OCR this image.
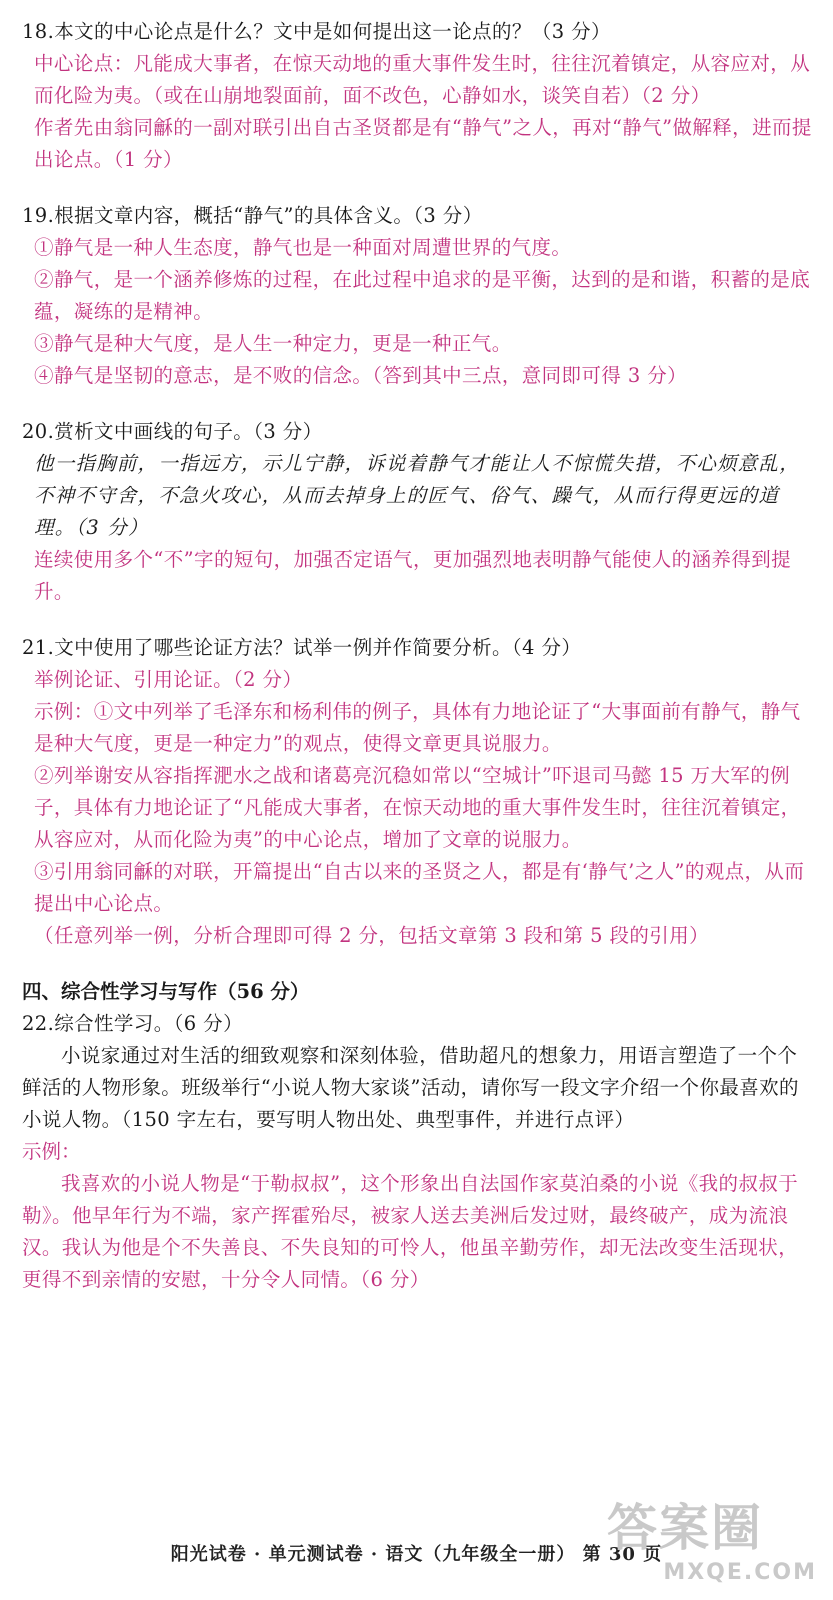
18.本文的中心论点是什么？文中是如何提出这一论点的？（3 分）

中心论点：凡能成大事者，在惊天动地的重大事件发生时，往往沉着镇定，从容应对，从而化险为夷。（或在山崩地裂面前，面不改色，心静如水，谈笑自若）（2 分）

作者先由翁同龢的一副对联引出自古圣贤都是有“静气”之人，再对“静气”做解释，进而提出论点。（1 分）

19.根据文章内容，概括“静气”的具体含义。（3 分）

①静气是一种人生态度，静气也是一种面对周遭世界的气度。

②静气，是一个涵养修炼的过程，在此过程中追求的是平衡，达到的是和谐，积蓄的是底蕴，凝练的是精神。

③静气是种大气度，是人生一种定力，更是一种正气。

④静气是坚韧的意志，是不败的信念。（答到其中三点，意同即可得 3 分）

20.赏析文中画线的句子。（3 分）
他一指胸前，一指远方，示儿宁静，诉说着静气才能让人不惊慌失措，不心烦意乱，不神不守舍，不急火攻心，从而去掉身上的匠气、俗气、躁气，从而行得更远的道理。（3 分）
连续使用多个“不”字的短句，加强否定语气，更加强烈地表明静气能使人的涵养得到提升。
21.文中使用了哪些论证方法？试举一例并作简要分析。（4 分）

举例论证、引用论证。（2 分）

示例：①文中列举了毛泽东和杨利伟的例子，具体有力地论证了“大事面前有静气，静气是种大气度，更是一种定力”的观点，使得文章更具说服力。

②列举谢安从容指挥淝水之战和诸葛亮沉稳如常以“空城计”吓退司马懿 15 万大军的例子，具体有力地论证了“凡能成大事者，在惊天动地的重大事件发生时，往往沉着镇定，从容应对，从而化险为夷”的中心论点，增加了文章的说服力。

③引用翁同龢的对联，开篇提出“自古以来的圣贤之人，都是有‘静气’之人”的观点，从而提出中心论点。

（任意列举一例，分析合理即可得 2 分，包括文章第 3 段和第 5 段的引用）

四、综合性学习与写作（56 分）
22.综合性学习。（6 分）
小说家通过对生活的细致观察和深刻体验，借助超凡的想象力，用语言塑造了一个个鲜活的人物形象。班级举行“小说人物大家谈”活动，请你写一段文字介绍一个你最喜欢的小说人物。（150 字左右，要写明人物出处、典型事件，并进行点评）
示例：
我喜欢的小说人物是“于勒叔叔”，这个形象出自法国作家莫泊桑的小说《我的叔叔于勒》。他早年行为不端，家产挥霍殆尽，被家人送去美洲后发过财，最终破产，成为流浪汉。我认为他是个不失善良、不失良知的可怜人，他虽辛勤劳作，却无法改变生活现状，更得不到亲情的安慰，十分令人同情。（6 分）
阳光试卷 · 单元测试卷 · 语文（九年级全一册） 第 30 页
答案圈
MXQE.COM
